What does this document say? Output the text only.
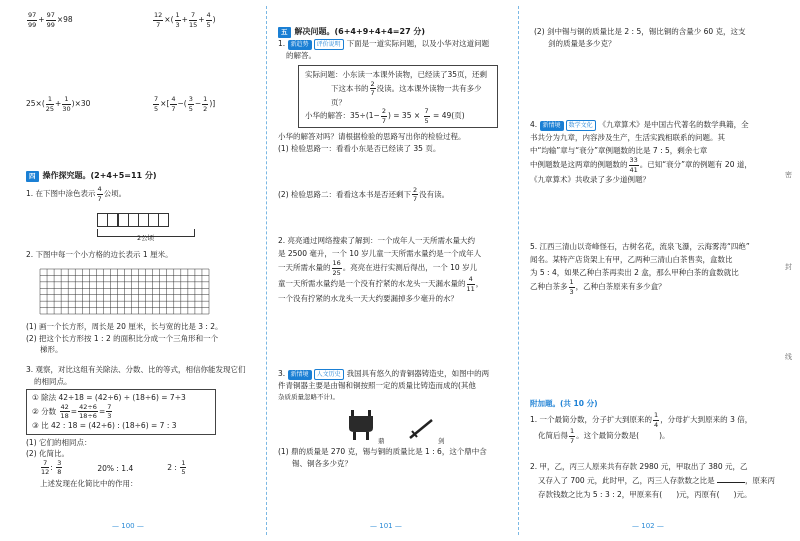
$\frac{97}{99} + \frac{97}{99} \times 98$	$\frac{12}{7}$ ×( $\frac{1}{3} + \frac{7}{15} + \frac{4}{5}$ )
$25\times( \frac{1}{25} + \frac{1}{30} )\times 30$	$\frac{7}{5}$ ×[ $\frac{4}{7}$ −( $\frac{3}{5} - \frac{1}{2}$ )]
四 操作探究题。(2+4+5=11 分)
1. 在下图中涂色表示 $\frac{4}{7}$ 公顷。
2公顷
2. 下图中每一个小方格的边长表示 1 厘米。
(1) 画一个长方形，周长是 20 厘米，长与宽的比是 3 : 2。
(2) 把这个长方形按 1 : 2 的面积比分成一个三角形和一个
梯形。
3. 观察，对比这组有关除法、分数、比的等式，相信你能发现它们
的相同点。
① 除法 42÷18 = (42÷6) ÷ (18÷6) = 7÷3
② 分数 $\frac{42}{18} = \frac{42\div 6}{18\div 6} = \frac{7}{3}$
③ 比 42 : 18 = (42÷6) : (18÷6) = 7 : 3
(1) 它们的相同点：
(2) 化简比。
$\frac{7}{12}$ : $\frac{3}{8}$	20% : 1.4	2 : $\frac{1}{5}$
上述发现在化简比中的作用：
— 100 —
五 解决问题。(6+4+9+4+4=27 分)
1. 新趋势 评价说明 下面是一道实际问题，以及小华对这道问题
的解答。
实际问题：小东读一本课外读物，已经读了35页，还剩
下这本书的 $\frac{2}{7}$ 没读。这本课外读物一共有多少页？
小华的解答：$35\div(1- \frac{2}{7}$ ) = $35 \times \frac{7}{5} = 49$(页)
小华的解答对吗？请根据检验的思路写出你的检验过程。
(1) 检验思路一：看看小东是否已经读了 35 页。
(2) 检验思路二：看看这本书是否还剩下 $\frac{2}{7}$ 没有读。
2. 亮亮通过网络搜索了解到：一个成年人一天所需水量大约
是 2500 毫升，一个 10 岁儿童一天所需水量约是一个成年人
一天所需水量的 $\frac{16}{25}$ 。亮亮在进行实测后得出，一个 10 岁儿
童一天所需水量约是一个没有拧紧的水龙头一天漏水量的 $\frac{4}{11}$ ，
一个没有拧紧的水龙头一天大约要漏掉多少毫升的水？
3. 新情境 人文历史 我国具有悠久的青铜器铸造史，如图中的两
件青铜器主要是由锡和铜按照一定的质量比铸造而成的(其他
杂质质量忽略不计)。
鼎	剑
(1) 鼎的质量是 270 克，锡与铜的质量比是 1 : 6，这个鼎中含
锡、铜各多少克？
— 101 —
(2) 剑中锡与铜的质量比是 2 : 5，锡比铜的含量少 60 克，这支
剑的质量是多少克？
4. 新情境 数学文化 《九章算术》是中国古代著名的数学典籍，全
书共分为九章，内容涉及生产，生活实践相联系的问题。其
中“均输”章与“衰分”章例题数的比是 7 : 5，剩余七章
中例题数是这两章的例题数的 $\frac{33}{41}$ 。已知“衰分”章的例题有 20 道，
《九章算术》共收录了多少道例题？
5. 江西三清山以奇峰怪石，古树名花，流泉飞瀑，云海雾涛“四绝”
闻名。某特产店货架上有甲，乙两种三清山白茶售卖，盒数比
为 5 : 4，如果乙种白茶再卖出 2 盒，那么甲种白茶的盒数就比
乙种白茶多 $\frac{1}{3}$ ，乙种白茶原来有多少盒？
附加题。(共 10 分)
1. 一个最简分数，分子扩大到原来的 $\frac{1}{4}$ ，分母扩大到原来的 3 倍，
化简后得 $\frac{1}{7}$ 。这个最简分数是(	)。
2. 甲，乙，丙三人原来共有存款 2980 元，甲取出了 380 元，乙
又存入了 700 元，此时甲，乙，丙三人存款数之比是	，原来丙
存款钱数之比为 5 : 3 : 2，甲原来有( )元，丙原有( )元。
密
封
线
— 102 —
